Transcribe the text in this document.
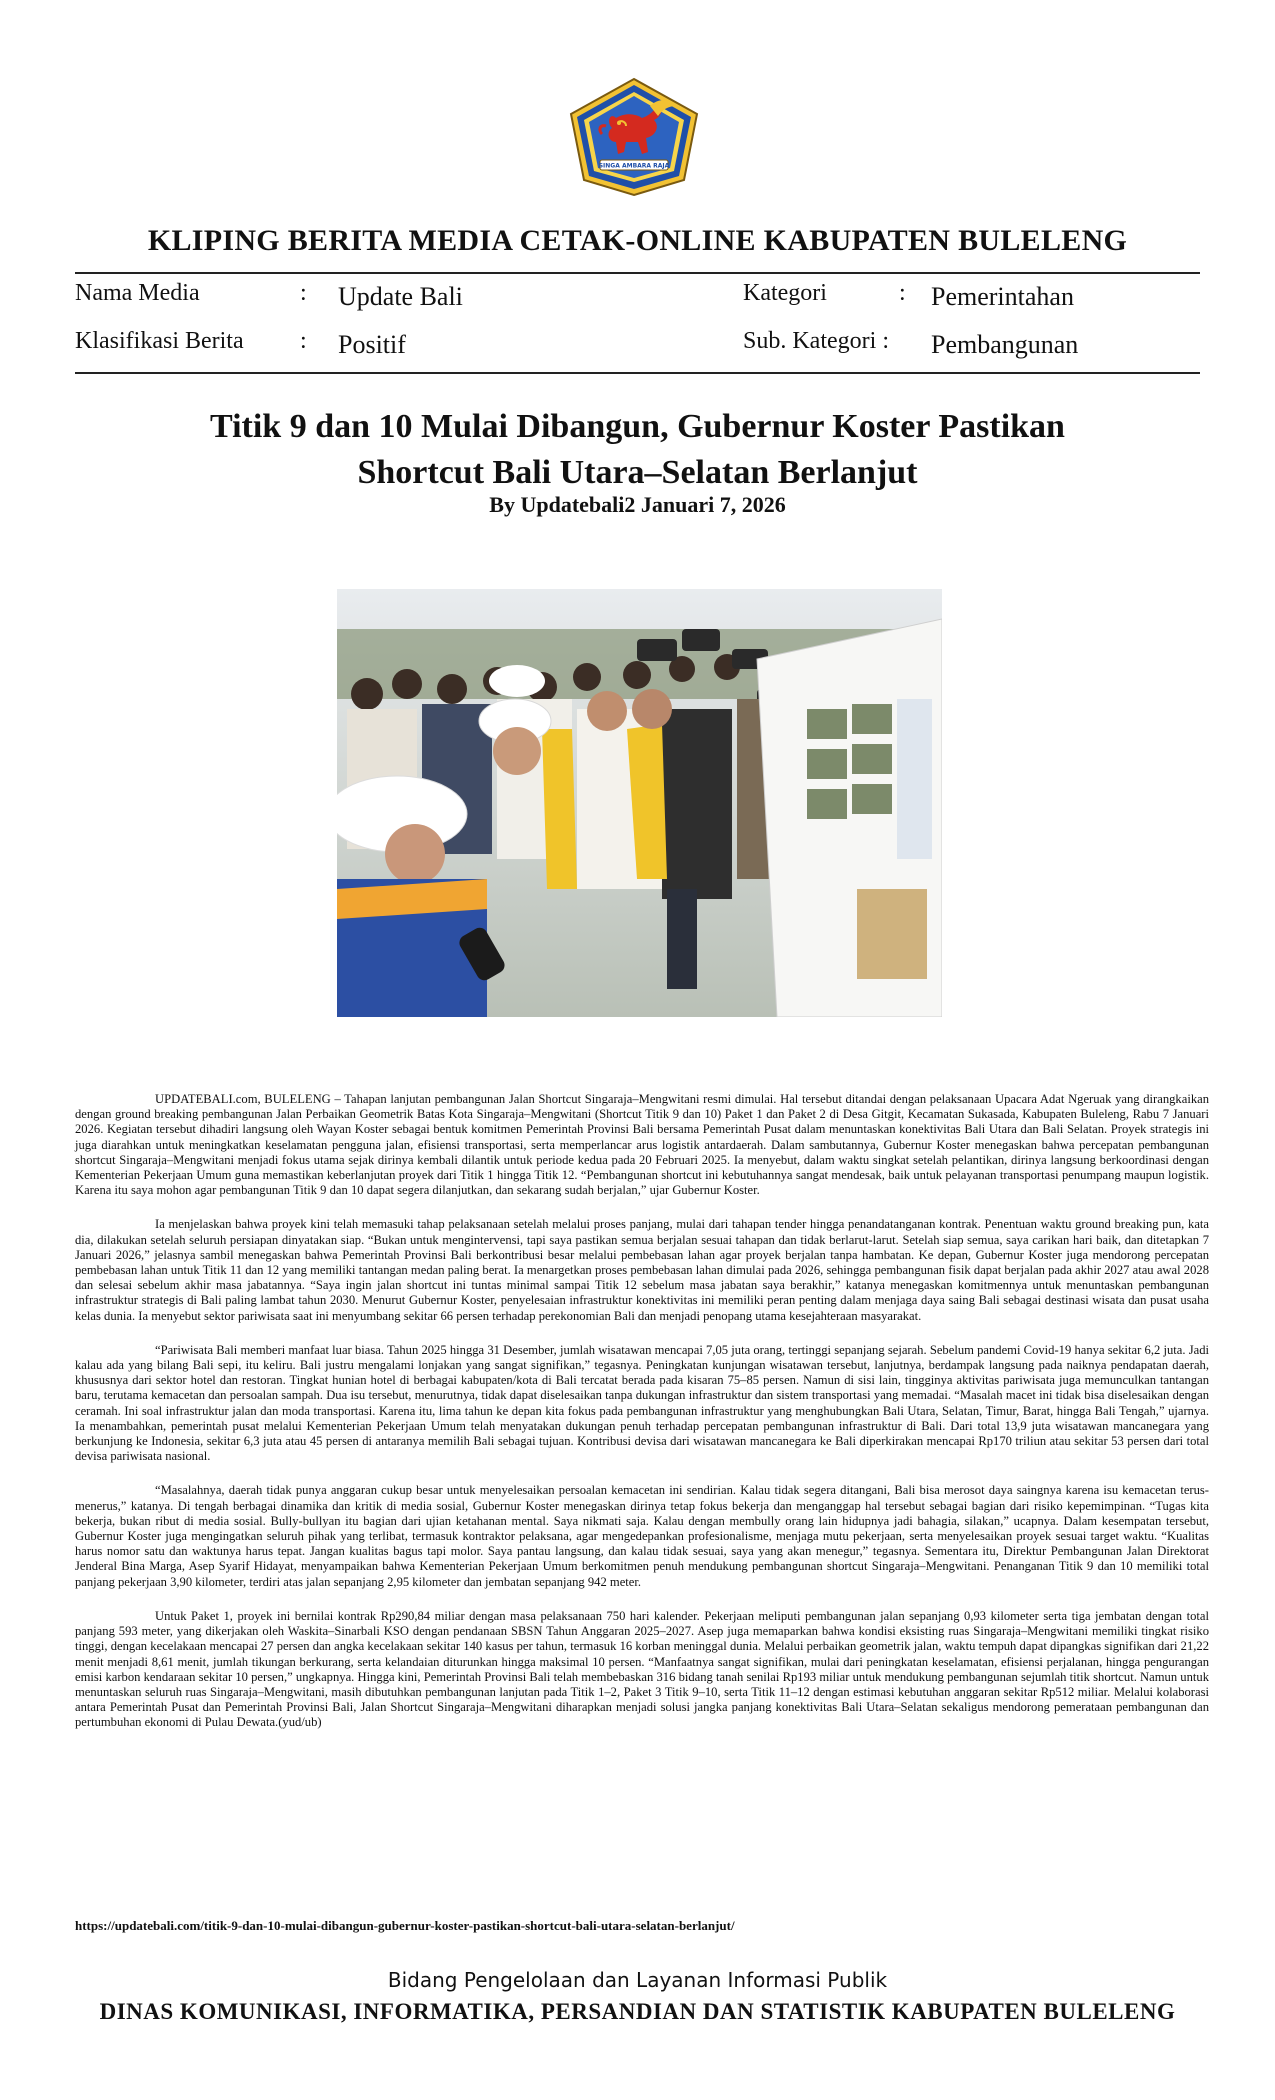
SINGA AMBARA RAJA
KLIPING BERITA MEDIA CETAK-ONLINE KABUPATEN BULELENG
Nama Media	: Update Bali
Klasifikasi Berita : Positif
Kategori	: Pemerintahan
Sub. Kategori : Pembangunan
Titik 9 dan 10 Mulai Dibangun, Gubernur Koster Pastikan
Shortcut Bali Utara–Selatan Berlanjut
By Updatebali2 Januari 7, 2026

UPDATEBALI.com, BULELENG – Tahapan lanjutan pembangunan Jalan Shortcut Singaraja–Mengwitani resmi dimulai. Hal tersebut ditandai dengan pelaksanaan Upacara Adat Ngeruak yang dirangkaikan dengan ground breaking pembangunan Jalan Perbaikan Geometrik Batas Kota Singaraja–Mengwitani (Shortcut Titik 9 dan 10) Paket 1 dan Paket 2 di Desa Gitgit, Kecamatan Sukasada, Kabupaten Buleleng, Rabu 7 Januari 2026. Kegiatan tersebut dihadiri langsung oleh Wayan Koster sebagai bentuk komitmen Pemerintah Provinsi Bali bersama Pemerintah Pusat dalam menuntaskan konektivitas Bali Utara dan Bali Selatan. Proyek strategis ini juga diarahkan untuk meningkatkan keselamatan pengguna jalan, efisiensi transportasi, serta memperlancar arus logistik antardaerah. Dalam sambutannya, Gubernur Koster menegaskan bahwa percepatan pembangunan shortcut Singaraja–Mengwitani menjadi fokus utama sejak dirinya kembali dilantik untuk periode kedua pada 20 Februari 2025. Ia menyebut, dalam waktu singkat setelah pelantikan, dirinya langsung berkoordinasi dengan Kementerian Pekerjaan Umum guna memastikan keberlanjutan proyek dari Titik 1 hingga Titik 12. “Pembangunan shortcut ini kebutuhannya sangat mendesak, baik untuk pelayanan transportasi penumpang maupun logistik. Karena itu saya mohon agar pembangunan Titik 9 dan 10 dapat segera dilanjutkan, dan sekarang sudah berjalan,” ujar Gubernur Koster.

Ia menjelaskan bahwa proyek kini telah memasuki tahap pelaksanaan setelah melalui proses panjang, mulai dari tahapan tender hingga penandatanganan kontrak. Penentuan waktu ground breaking pun, kata dia, dilakukan setelah seluruh persiapan dinyatakan siap. “Bukan untuk mengintervensi, tapi saya pastikan semua berjalan sesuai tahapan dan tidak berlarut-larut. Setelah siap semua, saya carikan hari baik, dan ditetapkan 7 Januari 2026,” jelasnya sambil menegaskan bahwa Pemerintah Provinsi Bali berkontribusi besar melalui pembebasan lahan agar proyek berjalan tanpa hambatan. Ke depan, Gubernur Koster juga mendorong percepatan pembebasan lahan untuk Titik 11 dan 12 yang memiliki tantangan medan paling berat. Ia menargetkan proses pembebasan lahan dimulai pada 2026, sehingga pembangunan fisik dapat berjalan pada akhir 2027 atau awal 2028 dan selesai sebelum akhir masa jabatannya. “Saya ingin jalan shortcut ini tuntas minimal sampai Titik 12 sebelum masa jabatan saya berakhir,” katanya menegaskan komitmennya untuk menuntaskan pembangunan infrastruktur strategis di Bali paling lambat tahun 2030. Menurut Gubernur Koster, penyelesaian infrastruktur konektivitas ini memiliki peran penting dalam menjaga daya saing Bali sebagai destinasi wisata dan pusat usaha kelas dunia. Ia menyebut sektor pariwisata saat ini menyumbang sekitar 66 persen terhadap perekonomian Bali dan menjadi penopang utama kesejahteraan masyarakat.

“Pariwisata Bali memberi manfaat luar biasa. Tahun 2025 hingga 31 Desember, jumlah wisatawan mencapai 7,05 juta orang, tertinggi sepanjang sejarah. Sebelum pandemi Covid-19 hanya sekitar 6,2 juta. Jadi kalau ada yang bilang Bali sepi, itu keliru. Bali justru mengalami lonjakan yang sangat signifikan,” tegasnya. Peningkatan kunjungan wisatawan tersebut, lanjutnya, berdampak langsung pada naiknya pendapatan daerah, khususnya dari sektor hotel dan restoran. Tingkat hunian hotel di berbagai kabupaten/kota di Bali tercatat berada pada kisaran 75–85 persen. Namun di sisi lain, tingginya aktivitas pariwisata juga memunculkan tantangan baru, terutama kemacetan dan persoalan sampah. Dua isu tersebut, menurutnya, tidak dapat diselesaikan tanpa dukungan infrastruktur dan sistem transportasi yang memadai. “Masalah macet ini tidak bisa diselesaikan dengan ceramah. Ini soal infrastruktur jalan dan moda transportasi. Karena itu, lima tahun ke depan kita fokus pada pembangunan infrastruktur yang menghubungkan Bali Utara, Selatan, Timur, Barat, hingga Bali Tengah,” ujarnya. Ia menambahkan, pemerintah pusat melalui Kementerian Pekerjaan Umum telah menyatakan dukungan penuh terhadap percepatan pembangunan infrastruktur di Bali. Dari total 13,9 juta wisatawan mancanegara yang berkunjung ke Indonesia, sekitar 6,3 juta atau 45 persen di antaranya memilih Bali sebagai tujuan. Kontribusi devisa dari wisatawan mancanegara ke Bali diperkirakan mencapai Rp170 triliun atau sekitar 53 persen dari total devisa pariwisata nasional.

“Masalahnya, daerah tidak punya anggaran cukup besar untuk menyelesaikan persoalan kemacetan ini sendirian. Kalau tidak segera ditangani, Bali bisa merosot daya saingnya karena isu kemacetan terus-menerus,” katanya. Di tengah berbagai dinamika dan kritik di media sosial, Gubernur Koster menegaskan dirinya tetap fokus bekerja dan menganggap hal tersebut sebagai bagian dari risiko kepemimpinan. “Tugas kita bekerja, bukan ribut di media sosial. Bully-bullyan itu bagian dari ujian ketahanan mental. Saya nikmati saja. Kalau dengan membully orang lain hidupnya jadi bahagia, silakan,” ucapnya. Dalam kesempatan tersebut, Gubernur Koster juga mengingatkan seluruh pihak yang terlibat, termasuk kontraktor pelaksana, agar mengedepankan profesionalisme, menjaga mutu pekerjaan, serta menyelesaikan proyek sesuai target waktu. “Kualitas harus nomor satu dan waktunya harus tepat. Jangan kualitas bagus tapi molor. Saya pantau langsung, dan kalau tidak sesuai, saya yang akan menegur,” tegasnya. Sementara itu, Direktur Pembangunan Jalan Direktorat Jenderal Bina Marga, Asep Syarif Hidayat, menyampaikan bahwa Kementerian Pekerjaan Umum berkomitmen penuh mendukung pembangunan shortcut Singaraja–Mengwitani. Penanganan Titik 9 dan 10 memiliki total panjang pekerjaan 3,90 kilometer, terdiri atas jalan sepanjang 2,95 kilometer dan jembatan sepanjang 942 meter.

Untuk Paket 1, proyek ini bernilai kontrak Rp290,84 miliar dengan masa pelaksanaan 750 hari kalender. Pekerjaan meliputi pembangunan jalan sepanjang 0,93 kilometer serta tiga jembatan dengan total panjang 593 meter, yang dikerjakan oleh Waskita–Sinarbali KSO dengan pendanaan SBSN Tahun Anggaran 2025–2027. Asep juga memaparkan bahwa kondisi eksisting ruas Singaraja–Mengwitani memiliki tingkat risiko tinggi, dengan kecelakaan mencapai 27 persen dan angka kecelakaan sekitar 140 kasus per tahun, termasuk 16 korban meninggal dunia. Melalui perbaikan geometrik jalan, waktu tempuh dapat dipangkas signifikan dari 21,22 menit menjadi 8,61 menit, jumlah tikungan berkurang, serta kelandaian diturunkan hingga maksimal 10 persen. “Manfaatnya sangat signifikan, mulai dari peningkatan keselamatan, efisiensi perjalanan, hingga pengurangan emisi karbon kendaraan sekitar 10 persen,” ungkapnya. Hingga kini, Pemerintah Provinsi Bali telah membebaskan 316 bidang tanah senilai Rp193 miliar untuk mendukung pembangunan sejumlah titik shortcut. Namun untuk menuntaskan seluruh ruas Singaraja–Mengwitani, masih dibutuhkan pembangunan lanjutan pada Titik 1–2, Paket 3 Titik 9–10, serta Titik 11–12 dengan estimasi kebutuhan anggaran sekitar Rp512 miliar. Melalui kolaborasi antara Pemerintah Pusat dan Pemerintah Provinsi Bali, Jalan Shortcut Singaraja–Mengwitani diharapkan menjadi solusi jangka panjang konektivitas Bali Utara–Selatan sekaligus mendorong pemerataan pembangunan dan pertumbuhan ekonomi di Pulau Dewata.(yud/ub)

https://updatebali.com/titik-9-dan-10-mulai-dibangun-gubernur-koster-pastikan-shortcut-bali-utara-selatan-berlanjut/
Bidang Pengelolaan dan Layanan Informasi Publik
DINAS KOMUNIKASI, INFORMATIKA, PERSANDIAN DAN STATISTIK KABUPATEN BULELENG
